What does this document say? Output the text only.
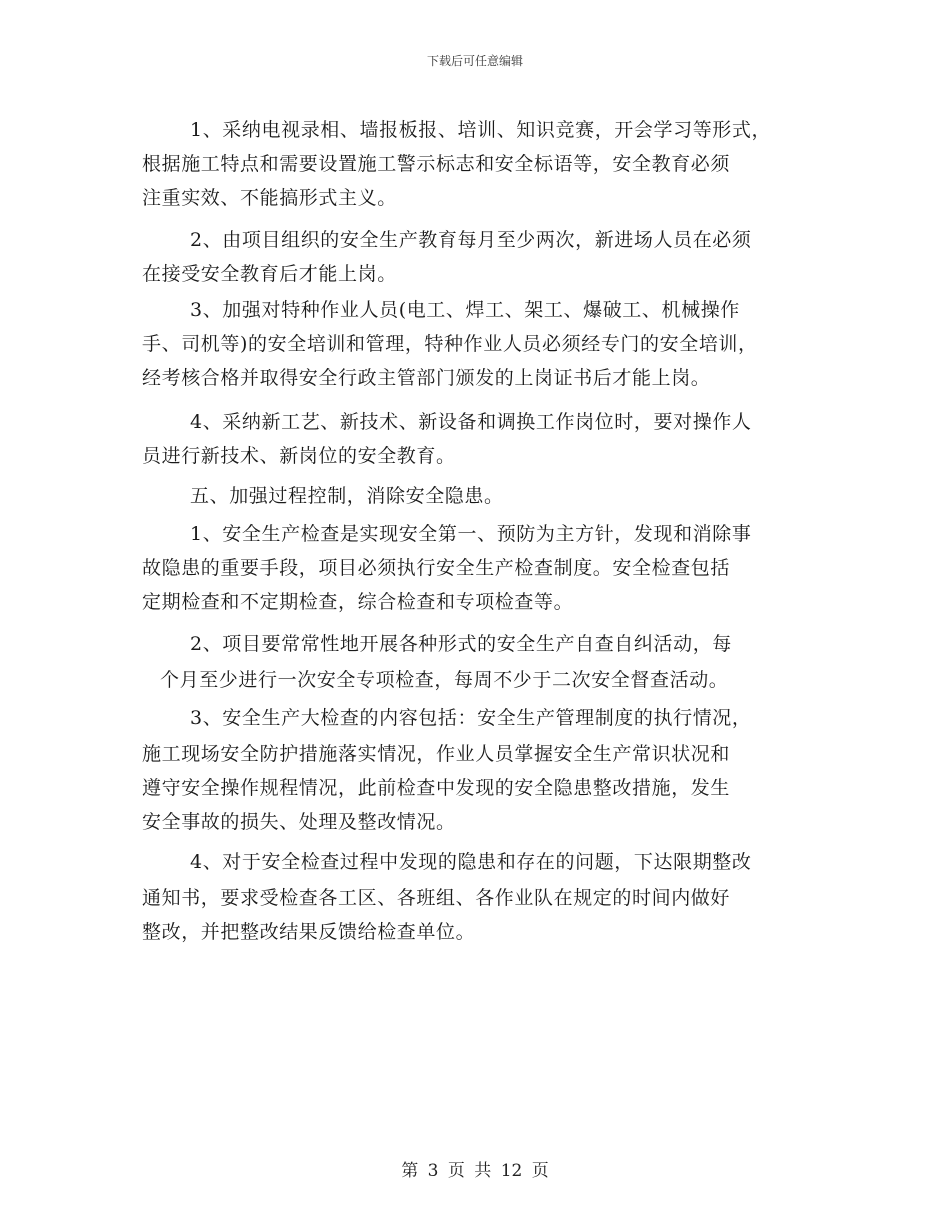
下载后可任意编辑
1、采纳电视录相、墙报板报、培训、知识竞赛，开会学习等形式，
根据施工特点和需要设置施工警示标志和安全标语等，安全教育必须
注重实效、不能搞形式主义。
2、由项目组织的安全生产教育每月至少两次，新进场人员在必须
在接受安全教育后才能上岗。
3、加强对特种作业人员(电工、焊工、架工、爆破工、机械操作
手、司机等)的安全培训和管理，特种作业人员必须经专门的安全培训，
经考核合格并取得安全行政主管部门颁发的上岗证书后才能上岗。
4、采纳新工艺、新技术、新设备和调换工作岗位时，要对操作人
员进行新技术、新岗位的安全教育。
五、加强过程控制，消除安全隐患。
1、安全生产检查是实现安全第一、预防为主方针，发现和消除事
故隐患的重要手段，项目必须执行安全生产检查制度。安全检查包括
定期检查和不定期检查，综合检查和专项检查等。
2、项目要常常性地开展各种形式的安全生产自查自纠活动，每
个月至少进行一次安全专项检查，每周不少于二次安全督查活动。
3、安全生产大检查的内容包括：安全生产管理制度的执行情况，
施工现场安全防护措施落实情况，作业人员掌握安全生产常识状况和
遵守安全操作规程情况，此前检查中发现的安全隐患整改措施，发生
安全事故的损失、处理及整改情况。
4、对于安全检查过程中发现的隐患和存在的问题，下达限期整改
通知书，要求受检查各工区、各班组、各作业队在规定的时间内做好
整改，并把整改结果反馈给检查单位。
第 3 页 共 12 页
